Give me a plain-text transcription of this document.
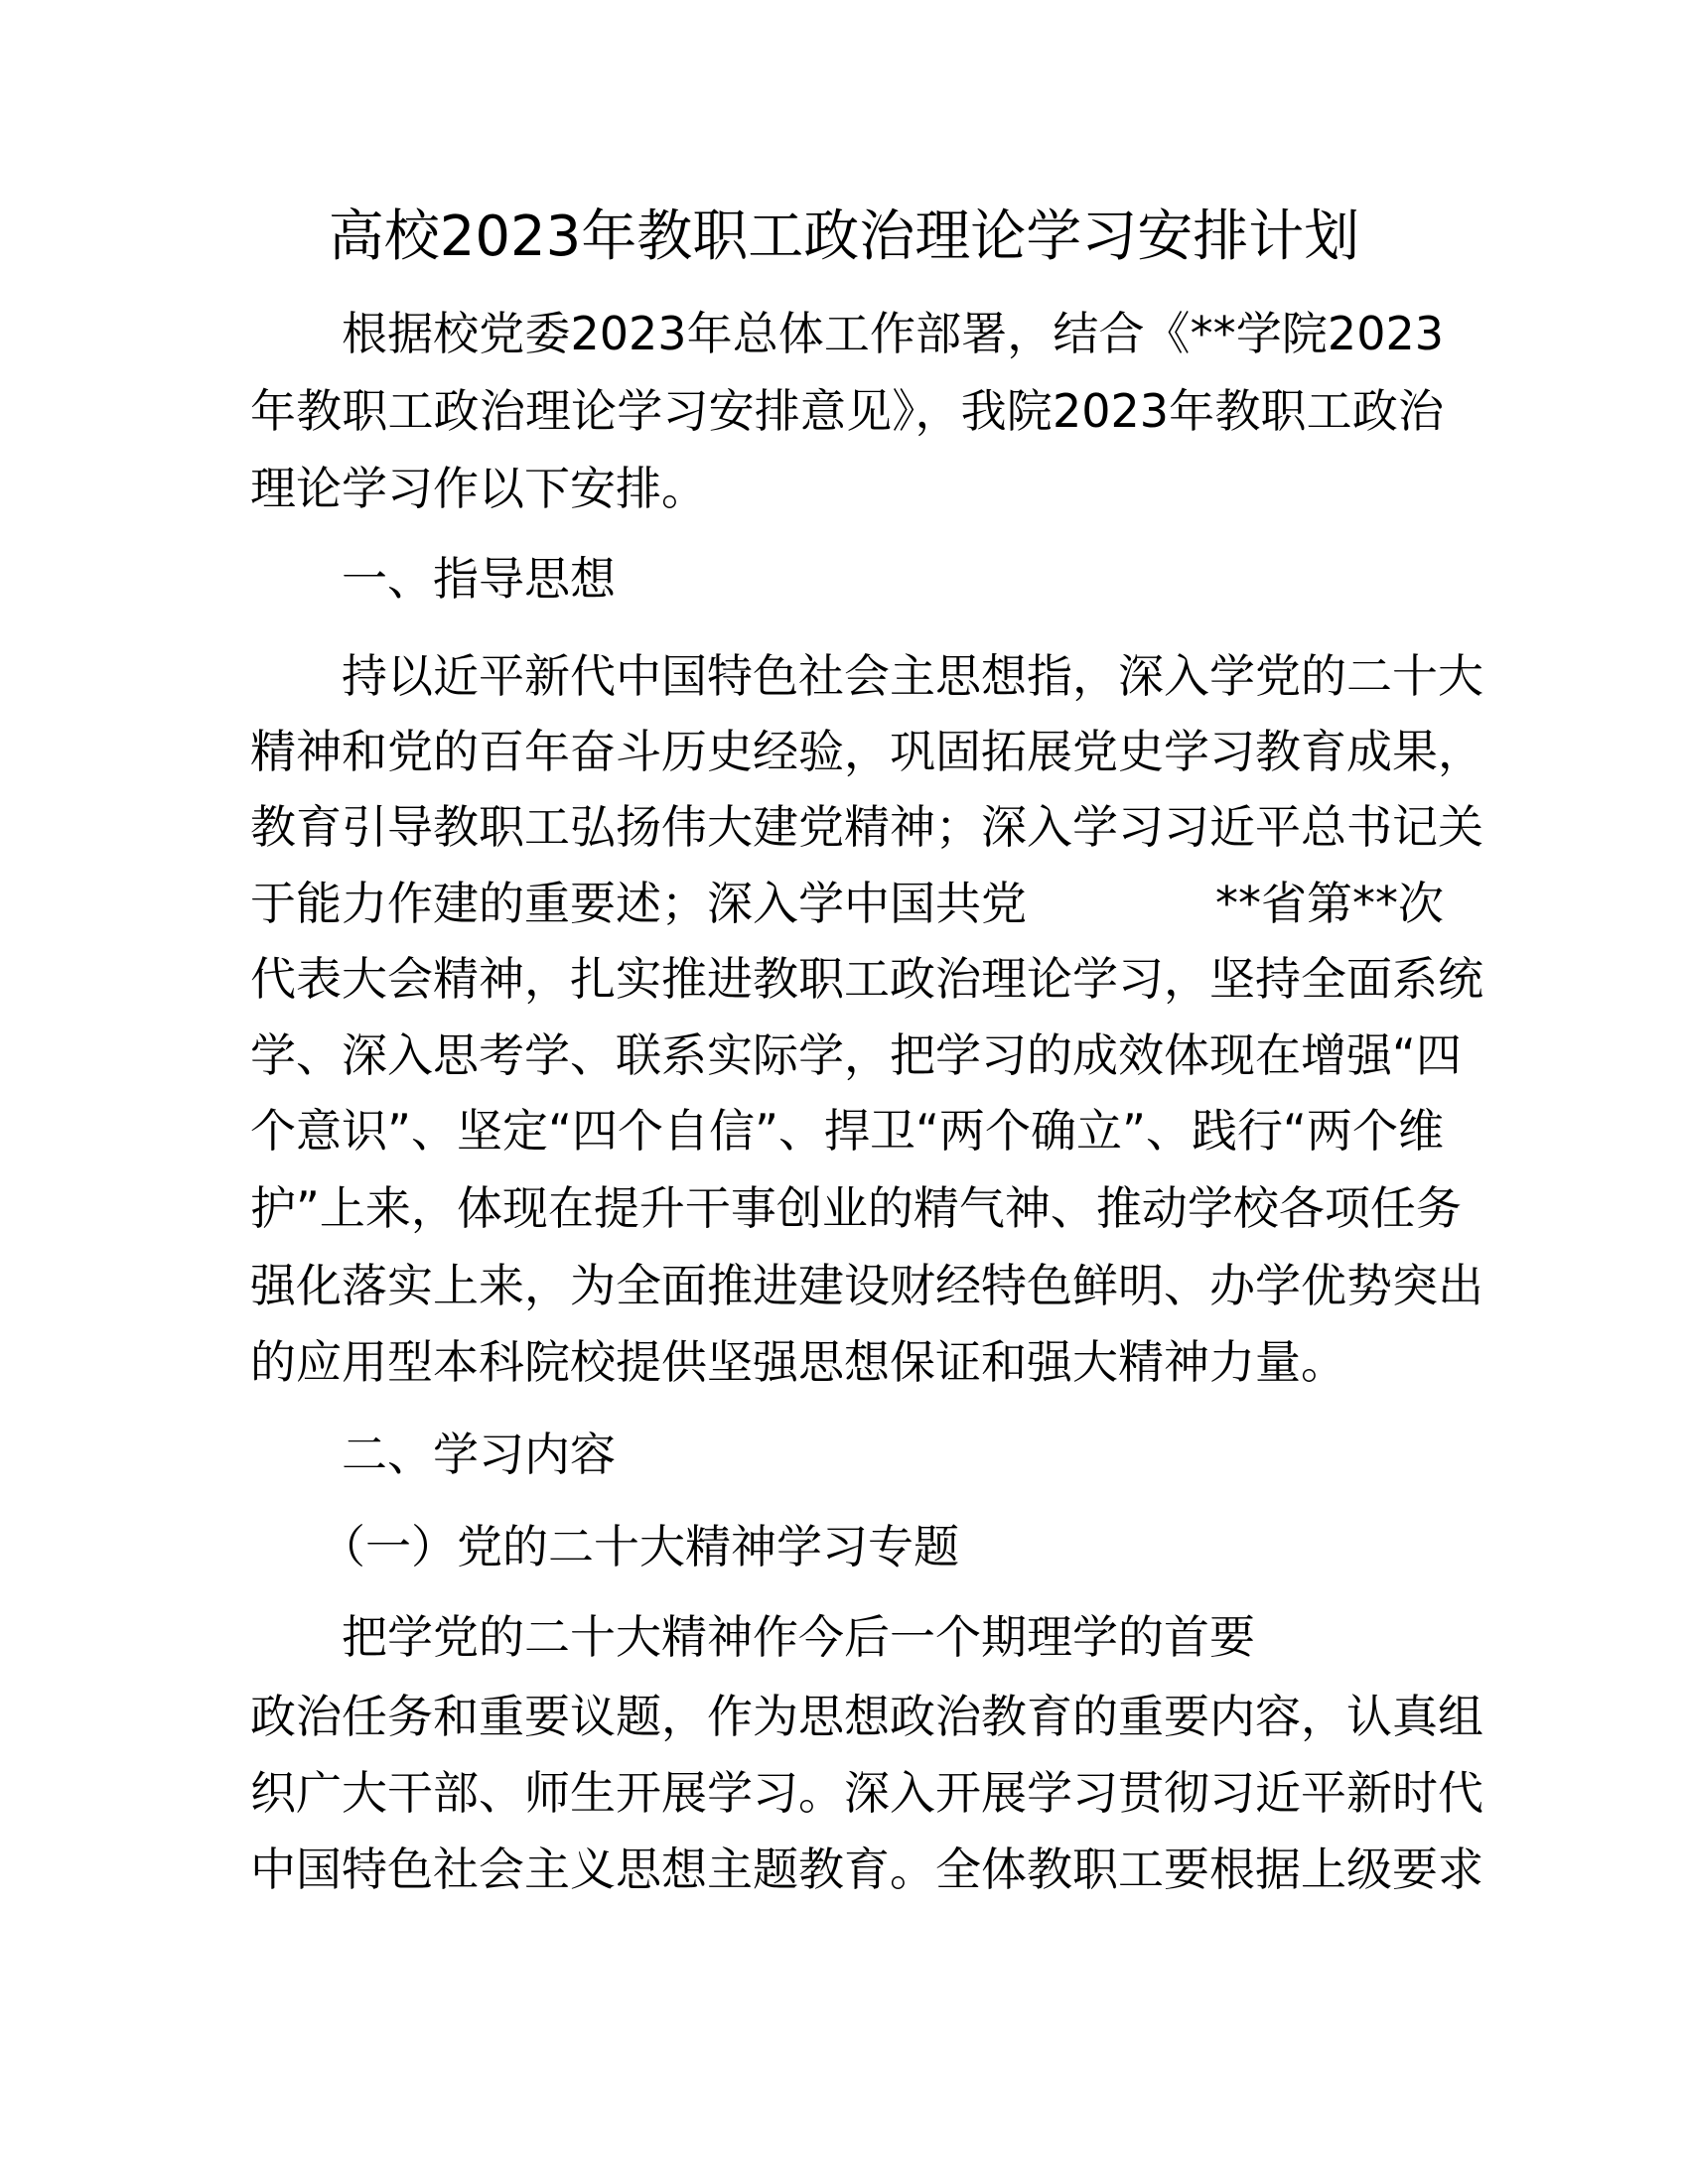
高校2023年教职工政治理论学习安排计划
根据校党委2023年总体工作部署，结合《**学院2023
年教职工政治理论学习安排意见》，我院2023年教职工政治
理论学习作以下安排。
一、指导思想
持以近平新代中国特色社会主思想指，深入学党的二十大
精神和党的百年奋斗历史经验，巩固拓展党史学习教育成果，
教育引导教职工弘扬伟大建党精神；深入学习习近平总书记关
于能力作建的重要述；深入学中国共党	**省第**次
代表大会精神，扎实推进教职工政治理论学习，坚持全面系统
学、深入思考学、联系实际学，把学习的成效体现在增强“四
个意识”、坚定“四个自信”、捍卫“两个确立”、践行“两个维
护”上来，体现在提升干事创业的精气神、推动学校各项任务
强化落实上来，为全面推进建设财经特色鲜明、办学优势突出
的应用型本科院校提供坚强思想保证和强大精神力量。
二、学习内容
（一）党的二十大精神学习专题
把学党的二十大精神作今后一个期理学的首要
政治任务和重要议题，作为思想政治教育的重要内容，认真组
织广大干部、师生开展学习。深入开展学习贯彻习近平新时代
中国特色社会主义思想主题教育。全体教职工要根据上级要求
